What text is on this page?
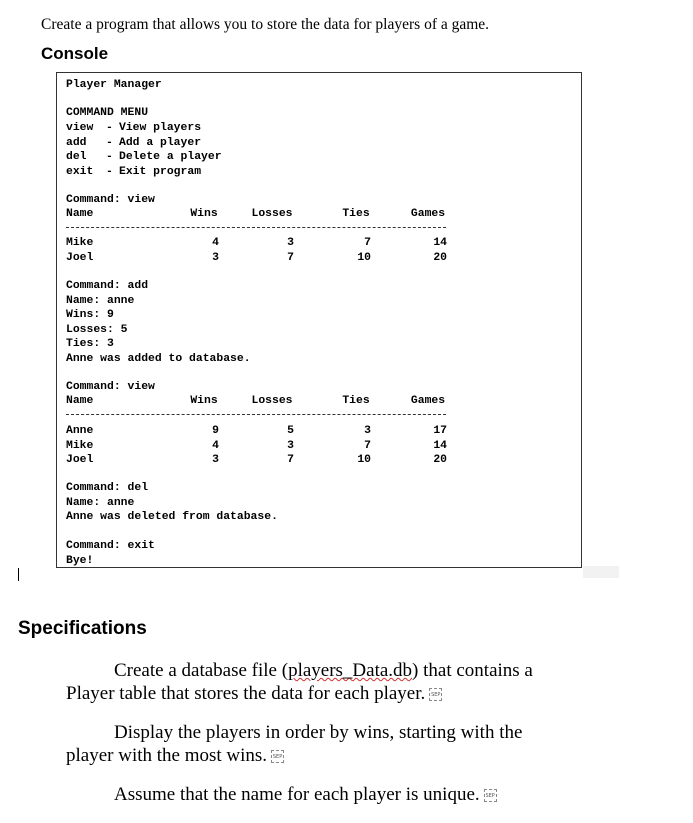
Create a program that allows you to store the data for players of a game.
Console
Player Manager
COMMAND MENU
view - View players
add - Add a player
del - Delete a player
exit - Exit program
Command: view
Name	Wins	Losses	Ties	Games
Mike	4	3	7	14
Joel	3	7	10	20
Command: add
Name: anne
Wins: 9
Losses: 5
Ties: 3
Anne was added to database.
Command: view
Name	Wins	Losses	Ties	Games
Anne	9	5	3	17
Mike	4	3	7	14
Joel	3	7	10	20
Command: del
Name: anne
Anne was deleted from database.
Command: exit
Bye!
Specifications
Create a database file (players_Data.db) that contains a
Player table that stores the data for each player. SEP
Display the players in order by wins, starting with the
player with the most wins. SEP
Assume that the name for each player is unique. SEP
